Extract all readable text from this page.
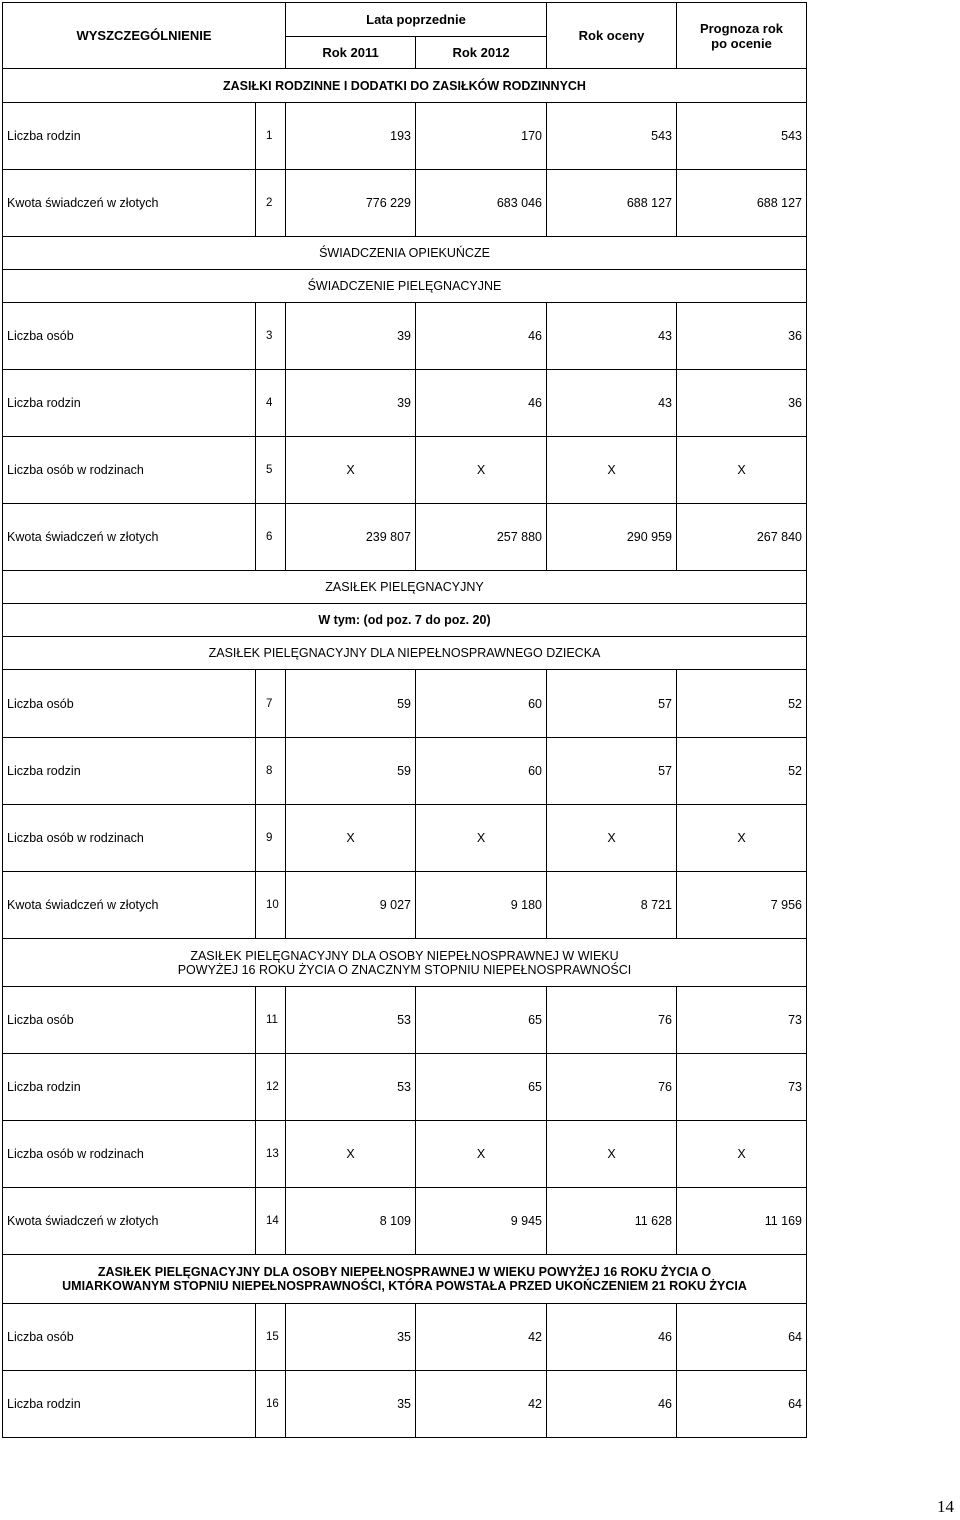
WYSZCZEGÓLNIENIE		Lata poprzednie		Rok oceny	Prognoza rok
po ocenie
		Rok 2011	Rok 2012		
ZASIŁKI RODZINNE I DODATKI DO ZASIŁKÓW RODZINNYCH					
Liczba rodzin	1	193	170	543	543
Kwota świadczeń w złotych	2	776 229	683 046	688 127	688 127
ŚWIADCZENIA OPIEKUŃCZE					
ŚWIADCZENIE PIELĘGNACYJNE					
Liczba osób	3	39	46	43	36
Liczba rodzin	4	39	46	43	36
Liczba osób w rodzinach	5	X	X	X	X
Kwota świadczeń w złotych	6	239 807	257 880	290 959	267 840
ZASIŁEK PIELĘGNACYJNY					
W tym: (od poz. 7 do poz. 20)					
ZASIŁEK PIELĘGNACYJNY DLA NIEPEŁNOSPRAWNEGO DZIECKA					
Liczba osób	7	59	60	57	52
Liczba rodzin	8	59	60	57	52
Liczba osób w rodzinach	9	X	X	X	X
Kwota świadczeń w złotych	10	9 027	9 180	8 721	7 956
ZASIŁEK PIELĘGNACYJNY DLA OSOBY NIEPEŁNOSPRAWNEJ W WIEKU
POWYŻEJ 16 ROKU ŻYCIA O ZNACZNYM STOPNIU NIEPEŁNOSPRAWNOŚCI					
Liczba osób	11	53	65	76	73
Liczba rodzin	12	53	65	76	73
Liczba osób w rodzinach	13	X	X	X	X
Kwota świadczeń w złotych	14	8 109	9 945	11 628	11 169
ZASIŁEK PIELĘGNACYJNY DLA OSOBY NIEPEŁNOSPRAWNEJ W WIEKU POWYŻEJ 16 ROKU ŻYCIA O
UMIARKOWANYM STOPNIU NIEPEŁNOSPRAWNOŚCI, KTÓRA POWSTAŁA PRZED UKOŃCZENIEM 21 ROKU ŻYCIA					
Liczba osób	15	35	42	46	64
Liczba rodzin	16	35	42	46	64
14
